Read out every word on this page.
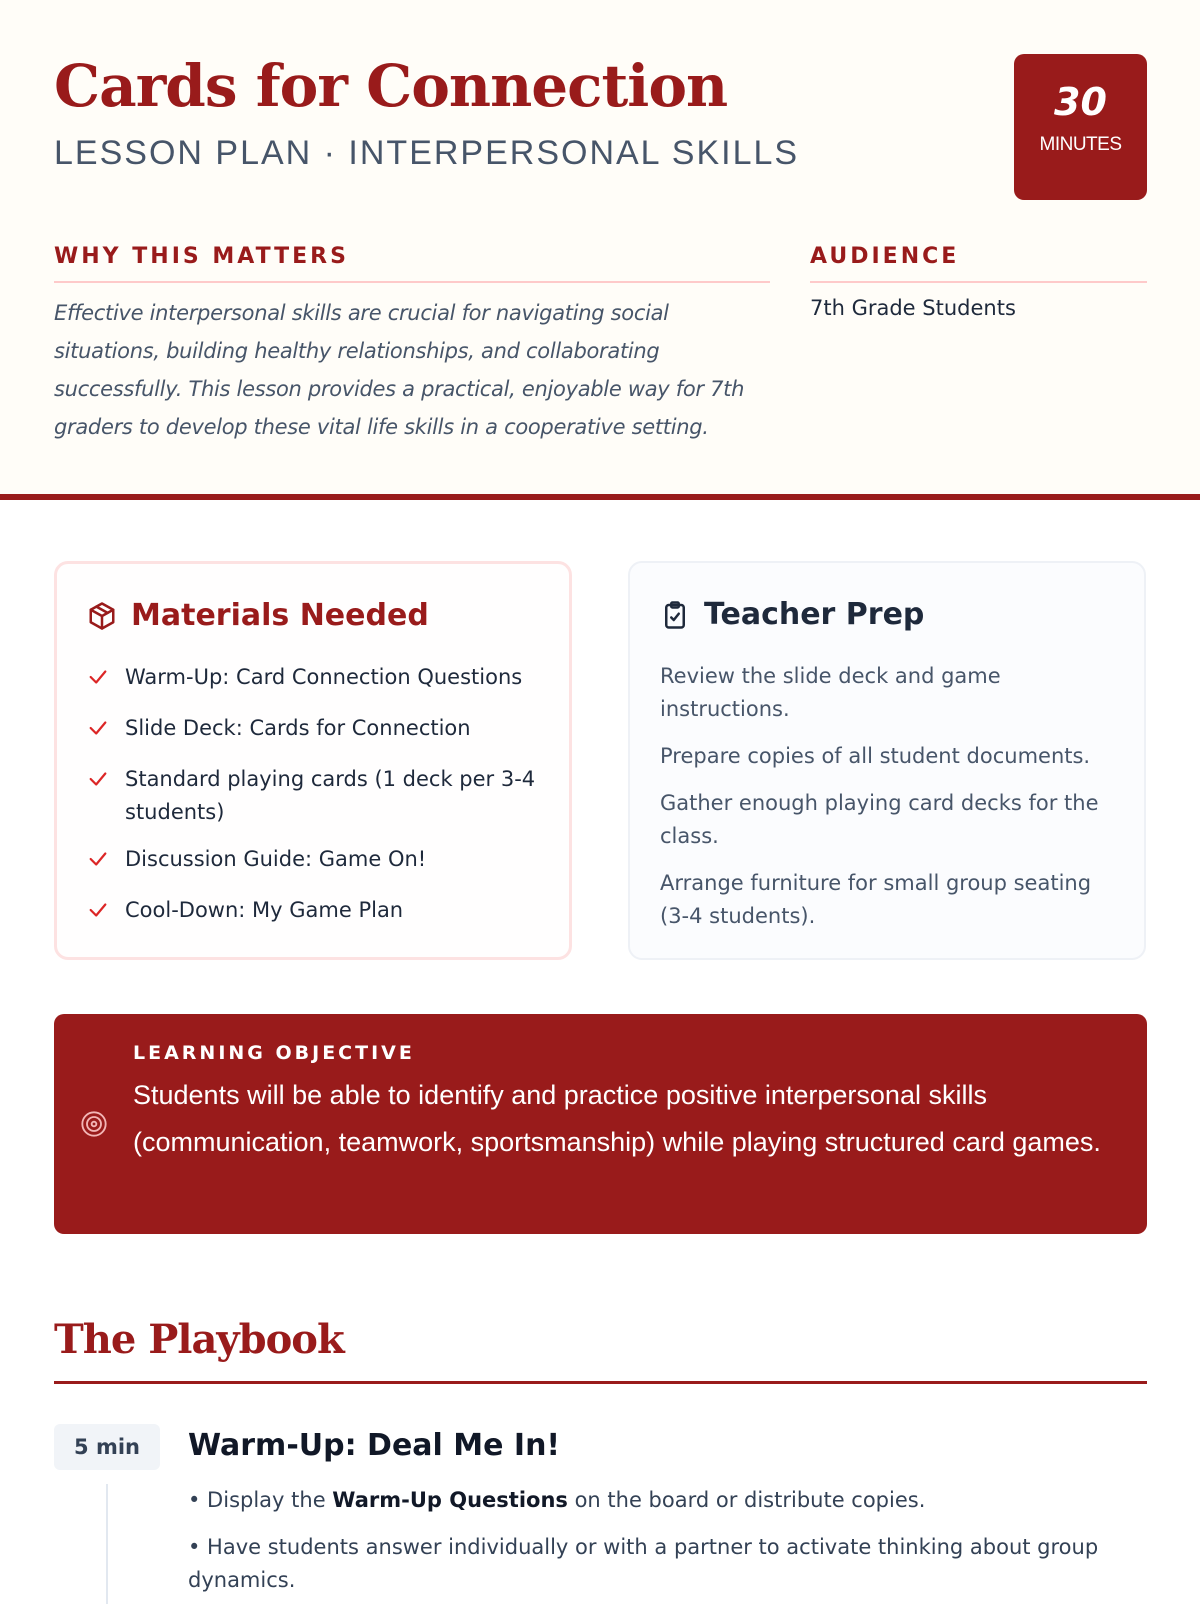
Cards for Connection
LESSON PLAN · INTERPERSONAL SKILLS
30
MINUTES
WHY THIS MATTERS	AUDIENCE

Effective interpersonal skills are crucial for navigating social situations, building healthy relationships, and collaborating successfully. This lesson provides a practical, enjoyable way for 7th graders to develop these vital life skills in a cooperative setting.

7th Grade Students
Materials Needed
Warm-Up: Card Connection Questions
Slide Deck: Cards for Connection
Standard playing cards (1 deck per 3-4 students)
Discussion Guide: Game On!
Cool-Down: My Game Plan
Teacher Prep

Review the slide deck and game instructions.

Prepare copies of all student documents.

Gather enough playing card decks for the class.

Arrange furniture for small group seating (3-4 students).

LEARNING OBJECTIVE
Students will be able to identify and practice positive interpersonal skills (communication, teamwork, sportsmanship) while playing structured card games.
The Playbook
5 min	Warm-Up: Deal Me In!

• Display the Warm-Up Questions on the board or distribute copies.

• Have students answer individually or with a partner to activate thinking about group dynamics.
